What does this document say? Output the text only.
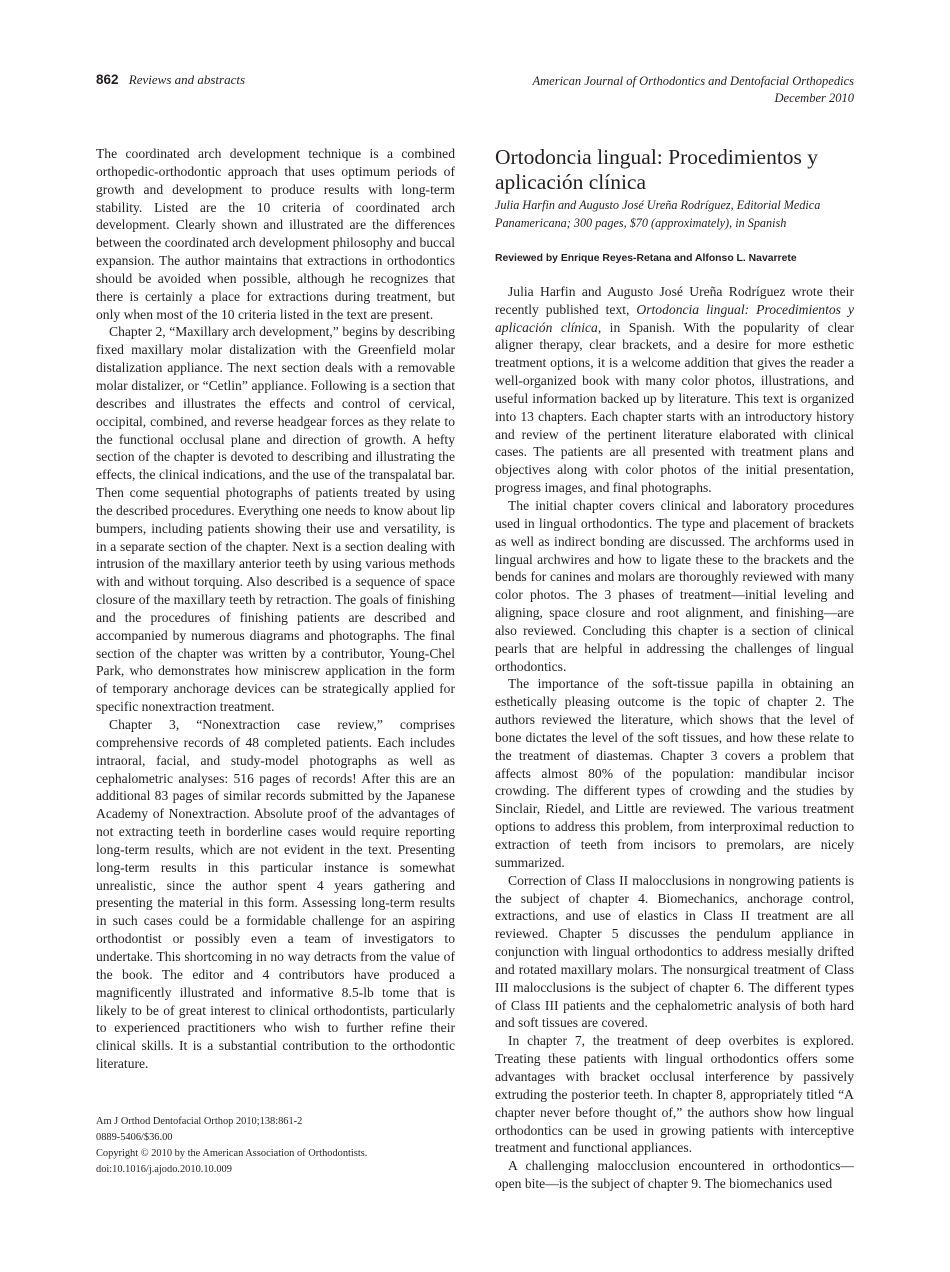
862 Reviews and abstracts	American Journal of Orthodontics and Dentofacial Orthopedics
December 2010

The coordinated arch development technique is a combined orthopedic-orthodontic approach that uses optimum periods of growth and development to produce results with long-term stability. Listed are the 10 criteria of coordinated arch development. Clearly shown and illustrated are the differences between the coordinated arch development philosophy and buccal expansion. The author maintains that extractions in orthodontics should be avoided when possible, although he recognizes that there is certainly a place for extractions during treatment, but only when most of the 10 criteria listed in the text are present.

Chapter 2, “Maxillary arch development,” begins by describing fixed maxillary molar distalization with the Greenfield molar distalization appliance. The next section deals with a removable molar distalizer, or “Cetlin” appliance. Following is a section that describes and illustrates the effects and control of cervical, occipital, combined, and reverse headgear forces as they relate to the functional occlusal plane and direction of growth. A hefty section of the chapter is devoted to describing and illustrating the effects, the clinical indications, and the use of the transpalatal bar. Then come sequential photographs of patients treated by using the described procedures. Everything one needs to know about lip bumpers, including patients showing their use and versatility, is in a separate section of the chapter. Next is a section dealing with intrusion of the maxillary anterior teeth by using various methods with and without torquing. Also described is a sequence of space closure of the maxillary teeth by retraction. The goals of finishing and the procedures of finishing patients are described and accompanied by numerous diagrams and photographs. The final section of the chapter was written by a contributor, Young-Chel Park, who demonstrates how miniscrew application in the form of temporary anchorage devices can be strategically applied for specific nonextraction treatment.

Chapter 3, “Nonextraction case review,” comprises comprehensive records of 48 completed patients. Each includes intraoral, facial, and study-model photographs as well as cephalometric analyses: 516 pages of records! After this are an additional 83 pages of similar records submitted by the Japanese Academy of Nonextraction. Absolute proof of the advantages of not extracting teeth in borderline cases would require reporting long-term results, which are not evident in the text. Presenting long-term results in this particular instance is somewhat unrealistic, since the author spent 4 years gathering and presenting the material in this form. Assessing long-term results in such cases could be a formidable challenge for an aspiring orthodontist or possibly even a team of investigators to undertake. This shortcoming in no way detracts from the value of the book. The editor and 4 contributors have produced a magnificently illustrated and informative 8.5-lb tome that is likely to be of great interest to clinical orthodontists, particularly to experienced practitioners who wish to further refine their clinical skills. It is a substantial contribution to the orthodontic literature.

Am J Orthod Dentofacial Orthop 2010;138:861-2
0889-5406/$36.00
Copyright © 2010 by the American Association of Orthodontists.
doi:10.1016/j.ajodo.2010.10.009
Ortodoncia lingual: Procedimientos y aplicación clínica
Julia Harfin and Augusto José Ureña Rodríguez, Editorial Medica Panamericana; 300 pages, $70 (approximately), in Spanish
Reviewed by Enrique Reyes-Retana and Alfonso L. Navarrete

Julia Harfin and Augusto José Ureña Rodríguez wrote their recently published text, Ortodoncia lingual: Procedimientos y aplicación clínica, in Spanish. With the popularity of clear aligner therapy, clear brackets, and a desire for more esthetic treatment options, it is a welcome addition that gives the reader a well-organized book with many color photos, illustrations, and useful information backed up by literature. This text is organized into 13 chapters. Each chapter starts with an introductory history and review of the pertinent literature elaborated with clinical cases. The patients are all presented with treatment plans and objectives along with color photos of the initial presentation, progress images, and final photographs.

The initial chapter covers clinical and laboratory procedures used in lingual orthodontics. The type and placement of brackets as well as indirect bonding are discussed. The archforms used in lingual archwires and how to ligate these to the brackets and the bends for canines and molars are thoroughly reviewed with many color photos. The 3 phases of treatment—initial leveling and aligning, space closure and root alignment, and finishing—are also reviewed. Concluding this chapter is a section of clinical pearls that are helpful in addressing the challenges of lingual orthodontics.

The importance of the soft-tissue papilla in obtaining an esthetically pleasing outcome is the topic of chapter 2. The authors reviewed the literature, which shows that the level of bone dictates the level of the soft tissues, and how these relate to the treatment of diastemas. Chapter 3 covers a problem that affects almost 80% of the population: mandibular incisor crowding. The different types of crowding and the studies by Sinclair, Riedel, and Little are reviewed. The various treatment options to address this problem, from interproximal reduction to extraction of teeth from incisors to premolars, are nicely summarized.

Correction of Class II malocclusions in nongrowing patients is the subject of chapter 4. Biomechanics, anchorage control, extractions, and use of elastics in Class II treatment are all reviewed. Chapter 5 discusses the pendulum appliance in conjunction with lingual orthodontics to address mesially drifted and rotated maxillary molars. The nonsurgical treatment of Class III malocclusions is the subject of chapter 6. The different types of Class III patients and the cephalometric analysis of both hard and soft tissues are covered.

In chapter 7, the treatment of deep overbites is explored. Treating these patients with lingual orthodontics offers some advantages with bracket occlusal interference by passively extruding the posterior teeth. In chapter 8, appropriately titled “A chapter never before thought of,” the authors show how lingual orthodontics can be used in growing patients with interceptive treatment and functional appliances.

A challenging malocclusion encountered in orthodontics—open bite—is the subject of chapter 9. The biomechanics used
